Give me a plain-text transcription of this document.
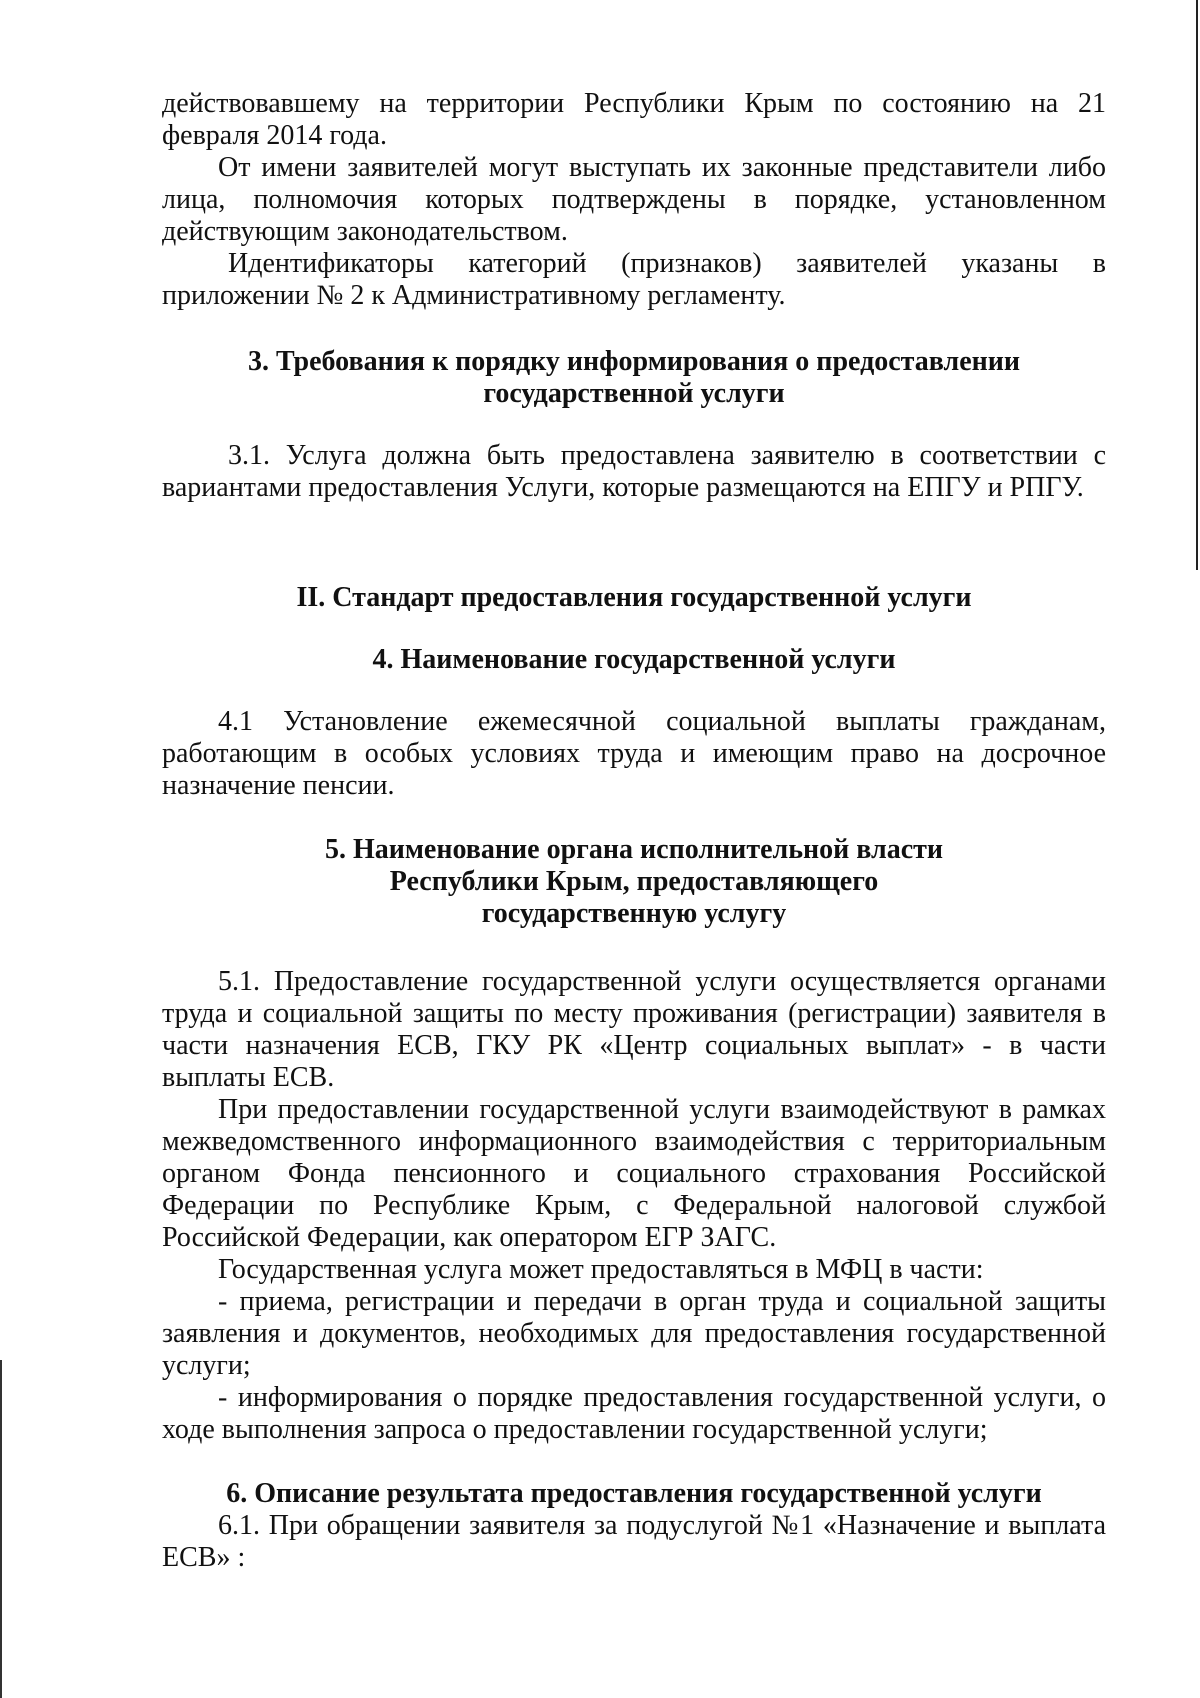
действовавшему на территории Республики Крым по состоянию на 21 февраля 2014 года.

От имени заявителей могут выступать их законные представители либо лица, полномочия которых подтверждены в порядке, установленном действующим законодательством.

Идентификаторы категорий (признаков) заявителей указаны в приложении № 2 к Административному регламенту.

3. Требования к порядку информирования о предоставлении
государственной услуги

3.1. Услуга должна быть предоставлена заявителю в соответствии с вариантами предоставления Услуги, которые размещаются на ЕПГУ и РПГУ.

II. Стандарт предоставления государственной услуги
4. Наименование государственной услуги

4.1 Установление ежемесячной социальной выплаты гражданам, работающим в особых условиях труда и имеющим право на досрочное назначение пенсии.

5. Наименование органа исполнительной власти
Республики Крым, предоставляющего
государственную услугу

5.1. Предоставление государственной услуги осуществляется органами труда и социальной защиты по месту проживания (регистрации) заявителя в части назначения ЕСВ, ГКУ РК «Центр социальных выплат» - в части выплаты ЕСВ.

При предоставлении государственной услуги взаимодействуют в рамках межведомственного информационного взаимодействия с территориальным органом Фонда пенсионного и социального страхования Российской Федерации по Республике Крым, с Федеральной налоговой службой Российской Федерации, как оператором ЕГР ЗАГС.

Государственная услуга может предоставляться в МФЦ в части:

- приема, регистрации и передачи в орган труда и социальной защиты заявления и документов, необходимых для предоставления государственной услуги;

- информирования о порядке предоставления государственной услуги, о ходе выполнения запроса о предоставлении государственной услуги;

6. Описание результата предоставления государственной услуги

6.1. При обращении заявителя за подуслугой №1 «Назначение и выплата ЕСВ» :
